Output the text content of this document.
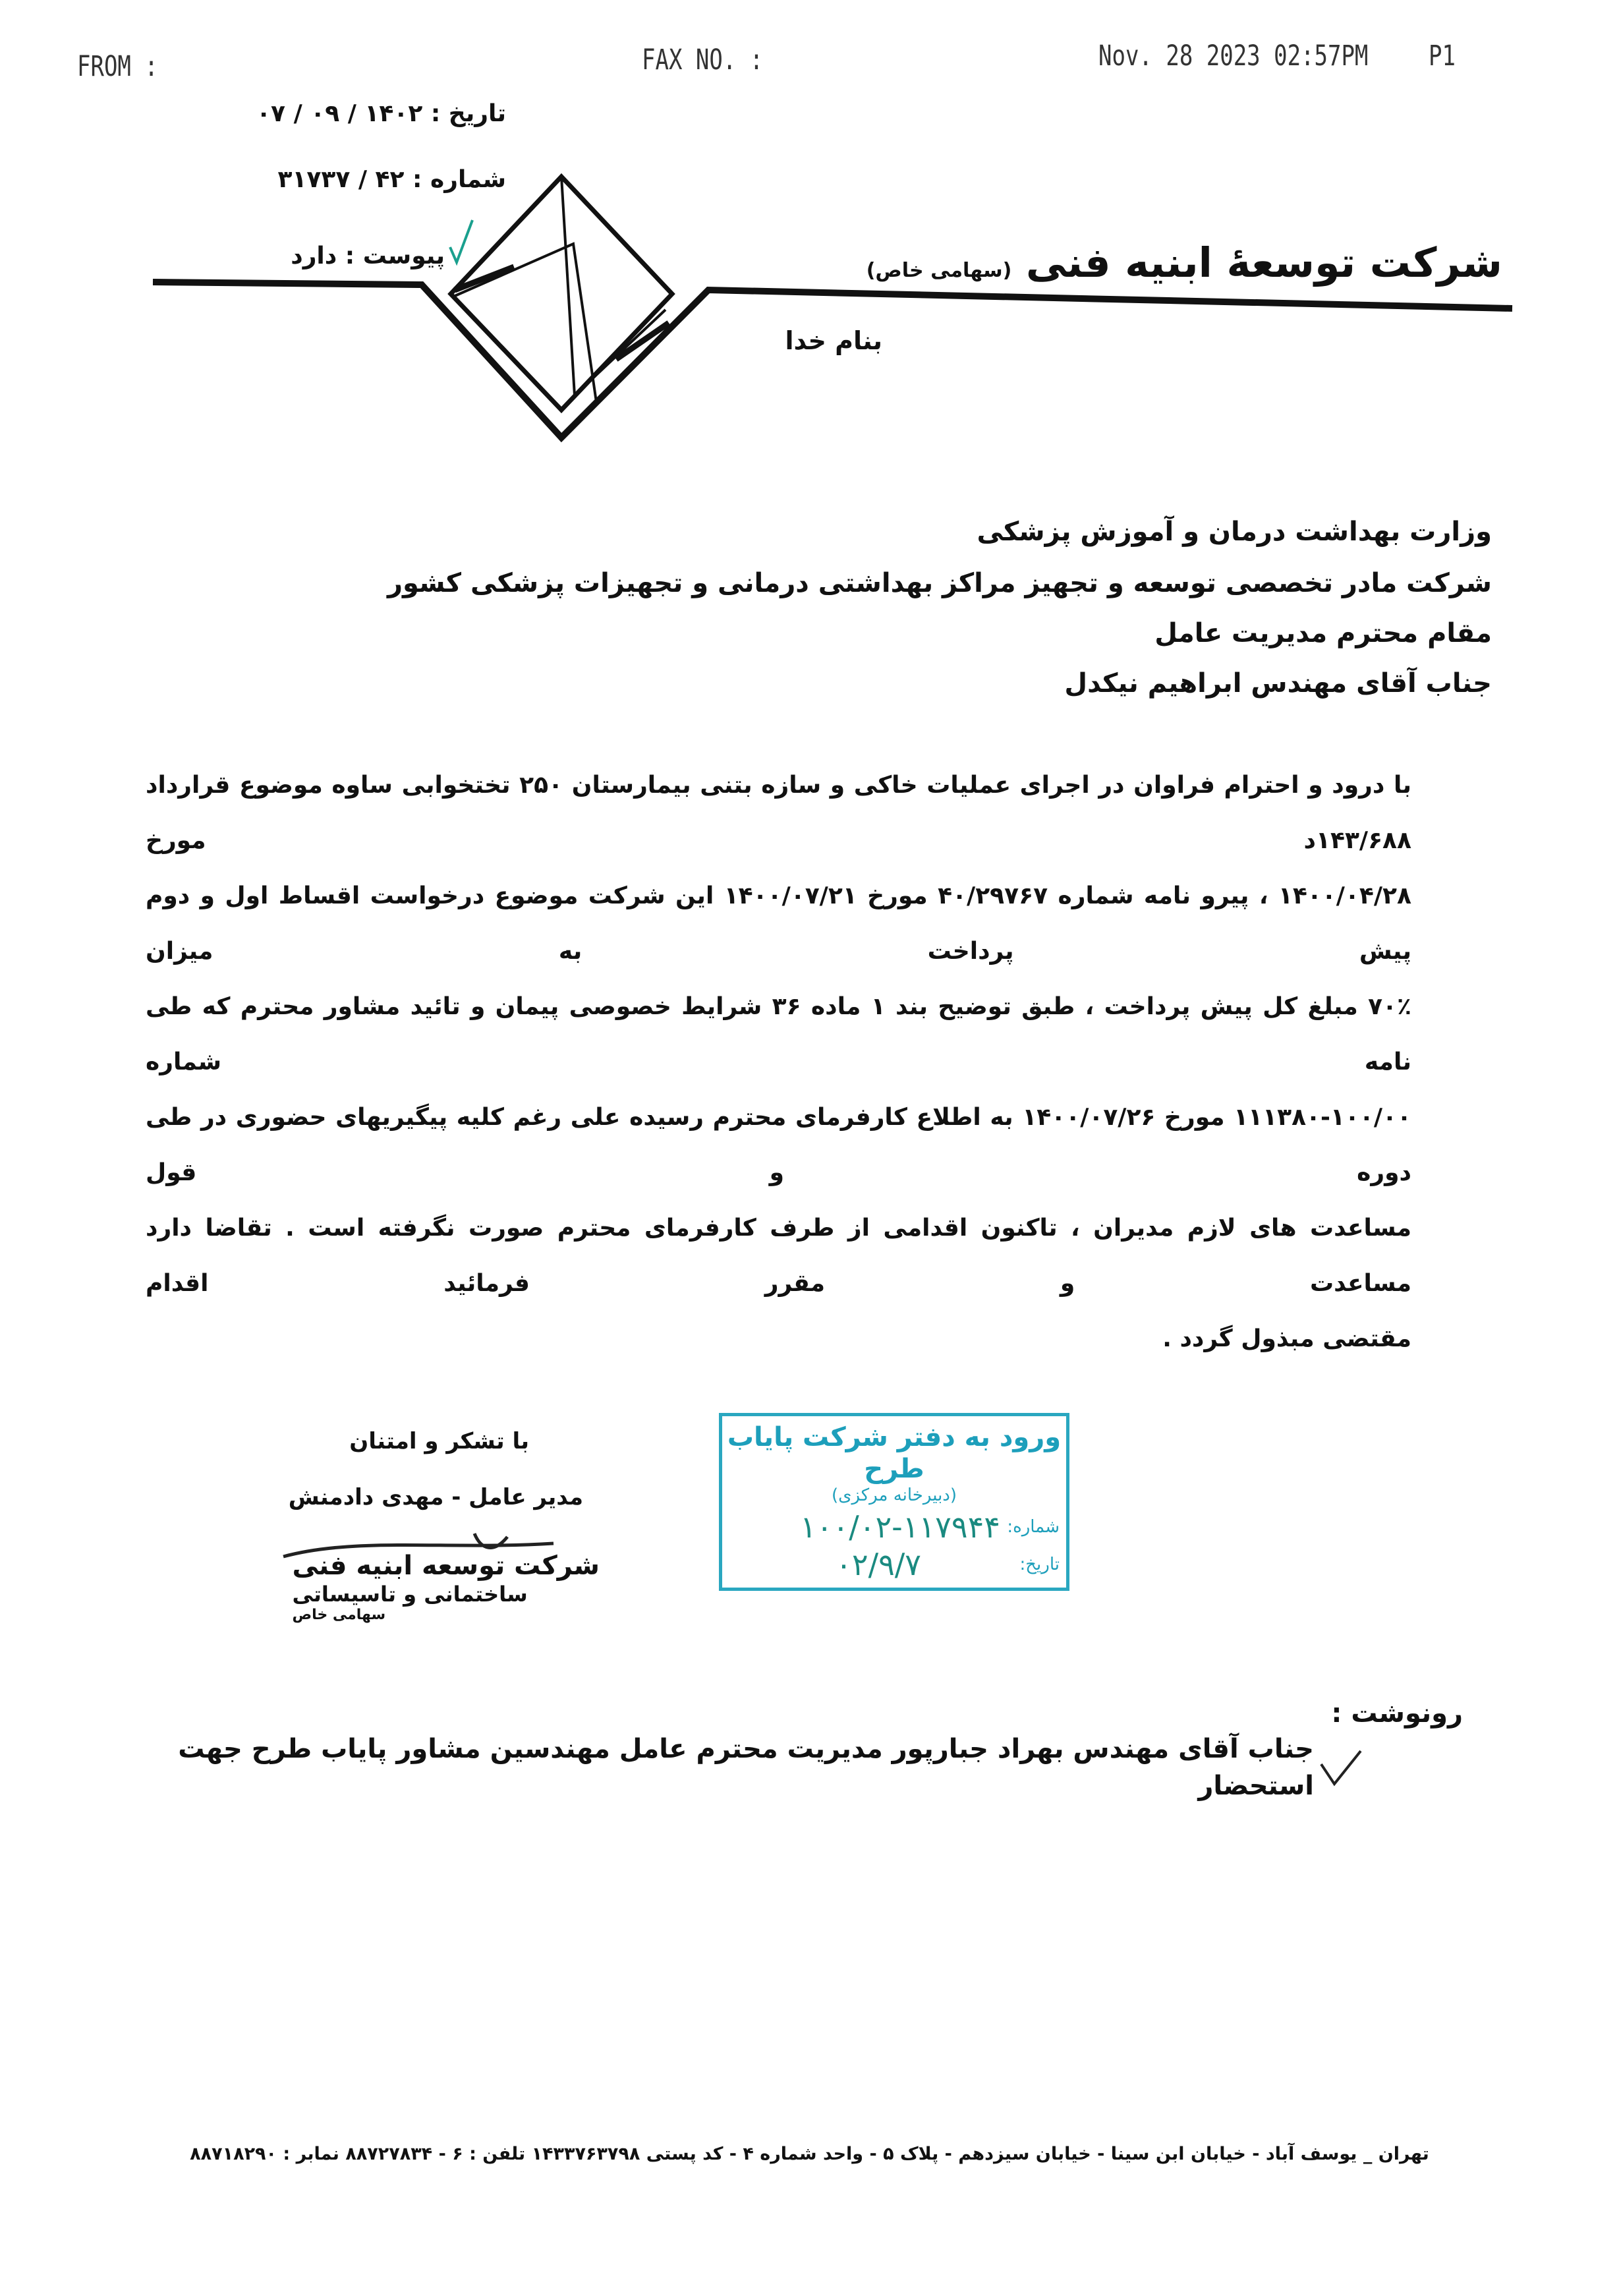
FROM :	FAX NO. :	Nov. 28 2023 02:57PM	P1
تاریخ : ۱۴۰۲ / ۰۹ / ۰۷
شماره : ۴۲ / ۳۱۷۳۷
پیوست : دارد	شرکت توسعهٔ ابنیه فنی (سهامی خاص)
بنام خدا
وزارت بهداشت درمان و آموزش پزشکی
شرکت مادر تخصصی توسعه و تجهیز مراکز بهداشتی درمانی و تجهیزات پزشکی کشور
مقام محترم مدیریت عامل
جناب آقای مهندس ابراهیم نیکدل
با درود و احترام فراوان در اجرای عملیات خاکی و سازه بتنی بیمارستان ۲۵۰ تختخوابی ساوه موضوع قرارداد ۱۴۳/۶۸۸د مورخ
۱۴۰۰/۰۴/۲۸ ، پیرو نامه شماره ۴۰/۲۹۷۶۷ مورخ ۱۴۰۰/۰۷/۲۱ این شرکت موضوع درخواست اقساط اول و دوم پیش پرداخت به میزان
۷۰٪ مبلغ کل پیش پرداخت ، طبق توضیح بند ۱ ماده ۳۶ شرایط خصوصی پیمان و تائید مشاور محترم که طی نامه شماره
۱۱۱۳۸۰-۱۰۰/۰۰ مورخ ۱۴۰۰/۰۷/۲۶ به اطلاع کارفرمای محترم رسیده علی رغم کلیه پیگیریهای حضوری در طی دوره و قول
مساعدت های لازم مدیران ، تاکنون اقدامی از طرف کارفرمای محترم صورت نگرفته است . تقاضا دارد مساعدت و مقرر فرمائید اقدام
مقتضی مبذول گردد .
با تشکر و امتنان
مدیر عامل - مهدی دادمنش
شرکت توسعه ابنیه فنی
ساختمانی و تاسیساتی
سهامی خاص
ورود به دفتر شرکت پایاب طرح
(دبیرخانه مرکزی)
شماره:
۱۰۰/۰۲-۱۱۷۹۴۴
تاریخ:
۰۲/۹/۷
رونوشت :
جناب آقای مهندس بهراد جبارپور مدیریت محترم عامل مهندسین مشاور پایاب طرح جهت استحضار
تهران _ یوسف آباد - خیابان ابن سینا - خیابان سیزدهم - پلاک ۵ - واحد شماره ۴ - کد پستی ۱۴۳۳۷۶۳۷۹۸ تلفن : ۶ - ۸۸۷۲۷۸۳۴ نمابر : ۸۸۷۱۸۲۹۰
